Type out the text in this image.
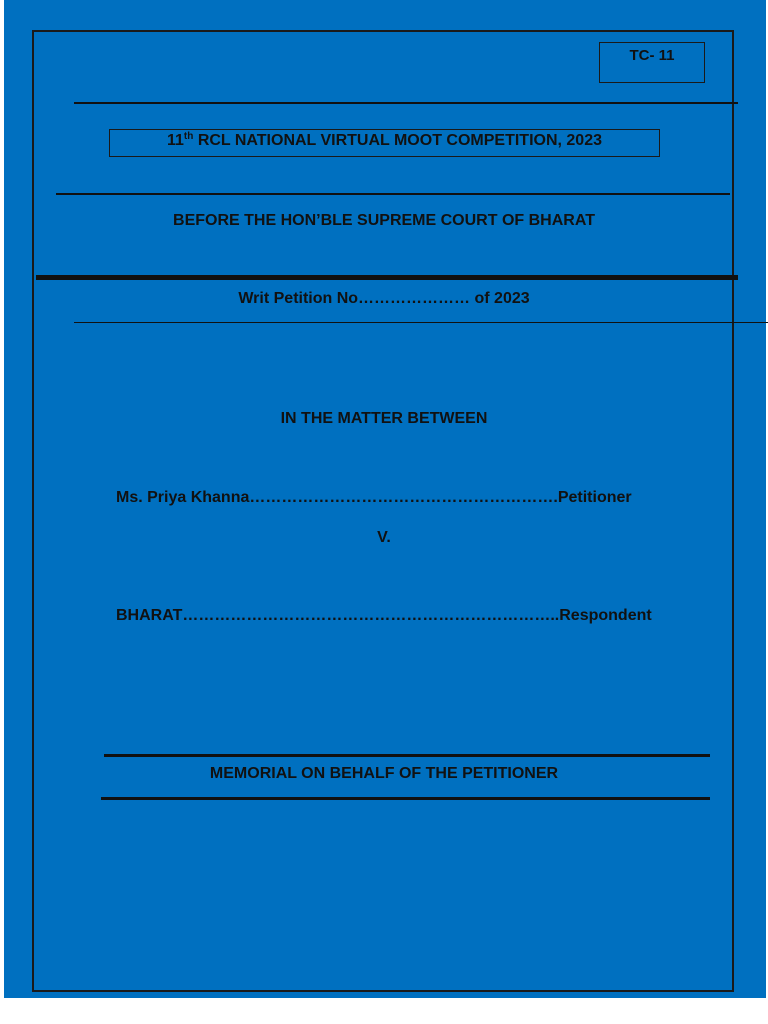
TC- 11
11th RCL NATIONAL VIRTUAL MOOT COMPETITION, 2023
BEFORE THE HON’BLE SUPREME COURT OF BHARAT
Writ Petition No………………… of 2023
IN THE MATTER BETWEEN
Ms. Priya Khanna………………………………………………….Petitioner
V.
BHARAT……………………………………………………………..Respondent
MEMORIAL ON BEHALF OF THE PETITIONER
